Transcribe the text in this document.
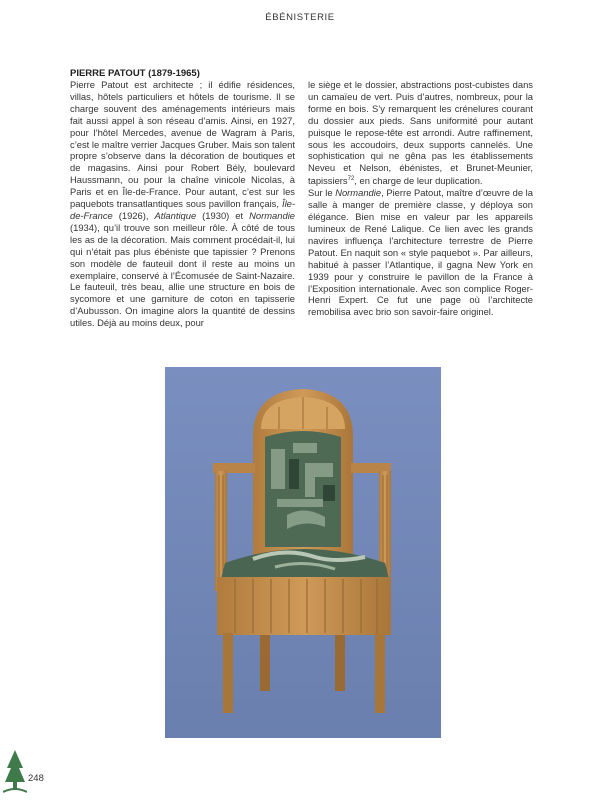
ÉBÉNISTERIE
PIERRE PATOUT (1879-1965)

Pierre Patout est architecte ; il édifie résidences, villas, hôtels particuliers et hôtels de tourisme. Il se charge souvent des aménagements intérieurs mais fait aussi appel à son réseau d’amis. Ainsi, en 1927, pour l’hôtel Mercedes, avenue de Wagram à Paris, c’est le maître verrier Jacques Gruber. Mais son talent propre s’observe dans la décoration de boutiques et de magasins. Ainsi pour Robert Bély, boulevard Haussmann, ou pour la chaîne vinicole Nicolas, à Paris et en Île-de-France. Pour autant, c’est sur les paquebots transatlantiques sous pavillon français, Île-de-France (1926), Atlantique (1930) et Normandie (1934), qu’il trouve son meilleur rôle. À côté de tous les as de la décoration. Mais comment procédait-il, lui qui n’était pas plus ébéniste que tapissier ? Prenons son modèle de fauteuil dont il reste au moins un exemplaire, conservé à l’Écomusée de Saint-Nazaire. Le fauteuil, très beau, allie une structure en bois de sycomore et une garniture de coton en tapisserie d’Aubusson. On imagine alors la quantité de dessins utiles. Déjà au moins deux, pour

le siège et le dossier, abstractions post-cubistes dans un camaïeu de vert. Puis d’autres, nombreux, pour la forme en bois. S’y remarquent les crénelures courant du dossier aux pieds. Sans uniformité pour autant puisque le repose-tête est arrondi. Autre raffinement, sous les accoudoirs, deux supports cannelés. Une sophistication qui ne gêna pas les établissements Neveu et Nelson, ébénistes, et Brunet-Meunier, tapissiers$^{72}$, en charge de leur duplication.

Sur le Normandie, Pierre Patout, maître d’œuvre de la salle à manger de première classe, y déploya son élégance. Bien mise en valeur par les appareils lumineux de René Lalique. Ce lien avec les grands navires influença l’architecture terrestre de Pierre Patout. En naquit son « style paquebot ». Par ailleurs, habitué à passer l’Atlantique, il gagna New York en 1939 pour y construire le pavillon de la France à l’Exposition internationale. Avec son complice Roger-Henri Expert. Ce fut une page où l’architecte remobilisa avec brio son savoir-faire originel.

248
